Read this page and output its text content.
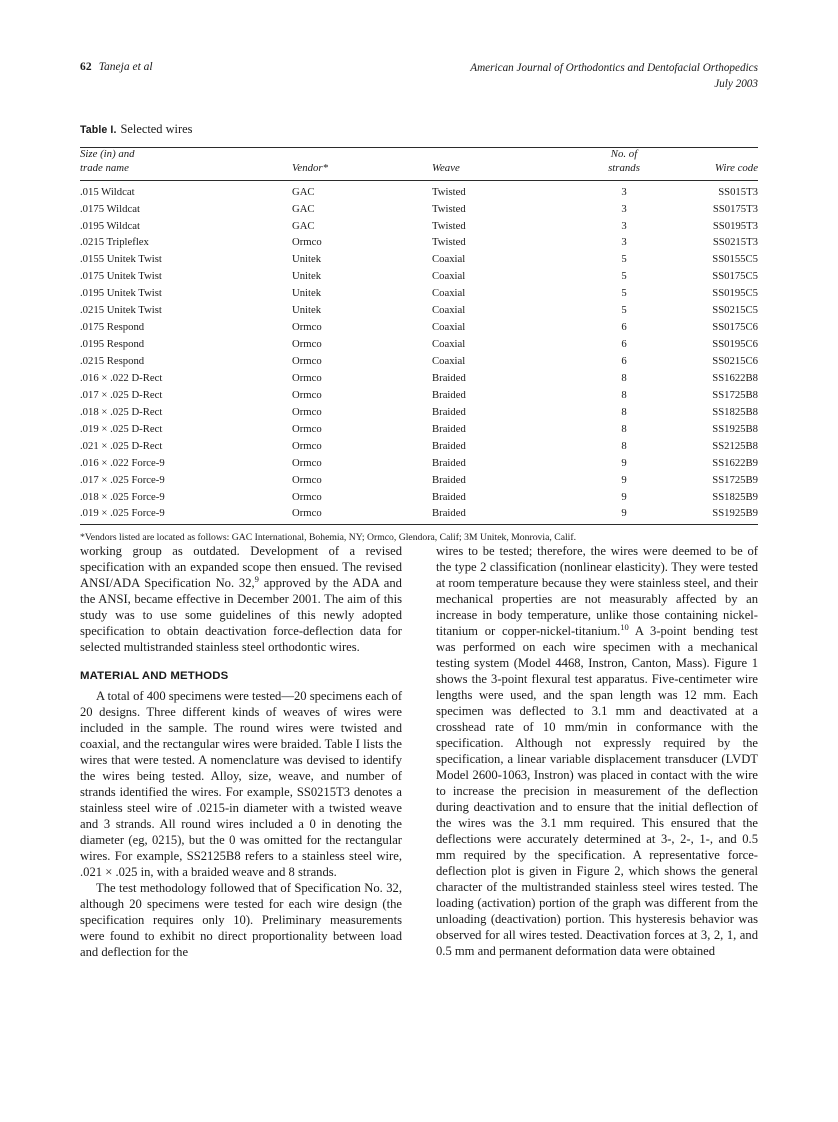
62 Taneja et al	American Journal of Orthodontics and Dentofacial Orthopedics
July 2003
Table I. Selected wires

Size (in) and
trade name	Vendor*	Weave	No. of
strands	Wire code

.015 Wildcat	GAC	Twisted	3	SS015T3
.0175 Wildcat	GAC	Twisted	3	SS0175T3
.0195 Wildcat	GAC	Twisted	3	SS0195T3
.0215 Tripleflex	Ormco	Twisted	3	SS0215T3
.0155 Unitek Twist	Unitek	Coaxial	5	SS0155C5
.0175 Unitek Twist	Unitek	Coaxial	5	SS0175C5
.0195 Unitek Twist	Unitek	Coaxial	5	SS0195C5
.0215 Unitek Twist	Unitek	Coaxial	5	SS0215C5
.0175 Respond	Ormco	Coaxial	6	SS0175C6
.0195 Respond	Ormco	Coaxial	6	SS0195C6
.0215 Respond	Ormco	Coaxial	6	SS0215C6
.016 × .022 D-Rect	Ormco	Braided	8	SS1622B8
.017 × .025 D-Rect	Ormco	Braided	8	SS1725B8
.018 × .025 D-Rect	Ormco	Braided	8	SS1825B8
.019 × .025 D-Rect	Ormco	Braided	8	SS1925B8
.021 × .025 D-Rect	Ormco	Braided	8	SS2125B8
.016 × .022 Force-9	Ormco	Braided	9	SS1622B9
.017 × .025 Force-9	Ormco	Braided	9	SS1725B9
.018 × .025 Force-9	Ormco	Braided	9	SS1825B9
.019 × .025 Force-9	Ormco	Braided	9	SS1925B9
*Vendors listed are located as follows: GAC International, Bohemia, NY; Ormco, Glendora, Calif; 3M Unitek, Monrovia, Calif.

working group as outdated. Development of a revised specification with an expanded scope then ensued. The revised ANSI/ADA Specification No. 32,$^9$ approved by the ADA and the ANSI, became effective in December 2001. The aim of this study was to use some guidelines of this newly adopted specification to obtain deactivation force-deflection data for selected multistranded stainless steel orthodontic wires.

MATERIAL AND METHODS

A total of 400 specimens were tested—20 specimens each of 20 designs. Three different kinds of weaves of wires were included in the sample. The round wires were twisted and coaxial, and the rectangular wires were braided. Table I lists the wires that were tested. A nomenclature was devised to identify the wires being tested. Alloy, size, weave, and number of strands identified the wires. For example, SS0215T3 denotes a stainless steel wire of .0215-in diameter with a twisted weave and 3 strands. All round wires included a 0 in denoting the diameter (eg, 0215), but the 0 was omitted for the rectangular wires. For example, SS2125B8 refers to a stainless steel wire, .021 × .025 in, with a braided weave and 8 strands.

The test methodology followed that of Specification No. 32, although 20 specimens were tested for each wire design (the specification requires only 10). Preliminary measurements were found to exhibit no direct proportionality between load and deflection for the

wires to be tested; therefore, the wires were deemed to be of the type 2 classification (nonlinear elasticity). They were tested at room temperature because they were stainless steel, and their mechanical properties are not measurably affected by an increase in body temperature, unlike those containing nickel-titanium or copper-nickel-titanium.$^{10}$ A 3-point bending test was performed on each wire specimen with a mechanical testing system (Model 4468, Instron, Canton, Mass). Figure 1 shows the 3-point flexural test apparatus. Five-centimeter wire lengths were used, and the span length was 12 mm. Each specimen was deflected to 3.1 mm and deactivated at a crosshead rate of 10 mm/min in conformance with the specification. Although not expressly required by the specification, a linear variable displacement transducer (LVDT Model 2600-1063, Instron) was placed in contact with the wire to increase the precision in measurement of the deflection during deactivation and to ensure that the initial deflection of the wires was the 3.1 mm required. This ensured that the deflections were accurately determined at 3-, 2-, 1-, and 0.5 mm required by the specification. A representative force-deflection plot is given in Figure 2, which shows the general character of the multistranded stainless steel wires tested. The loading (activation) portion of the graph was different from the unloading (deactivation) portion. This hysteresis behavior was observed for all wires tested. Deactivation forces at 3, 2, 1, and 0.5 mm and permanent deformation data were obtained
